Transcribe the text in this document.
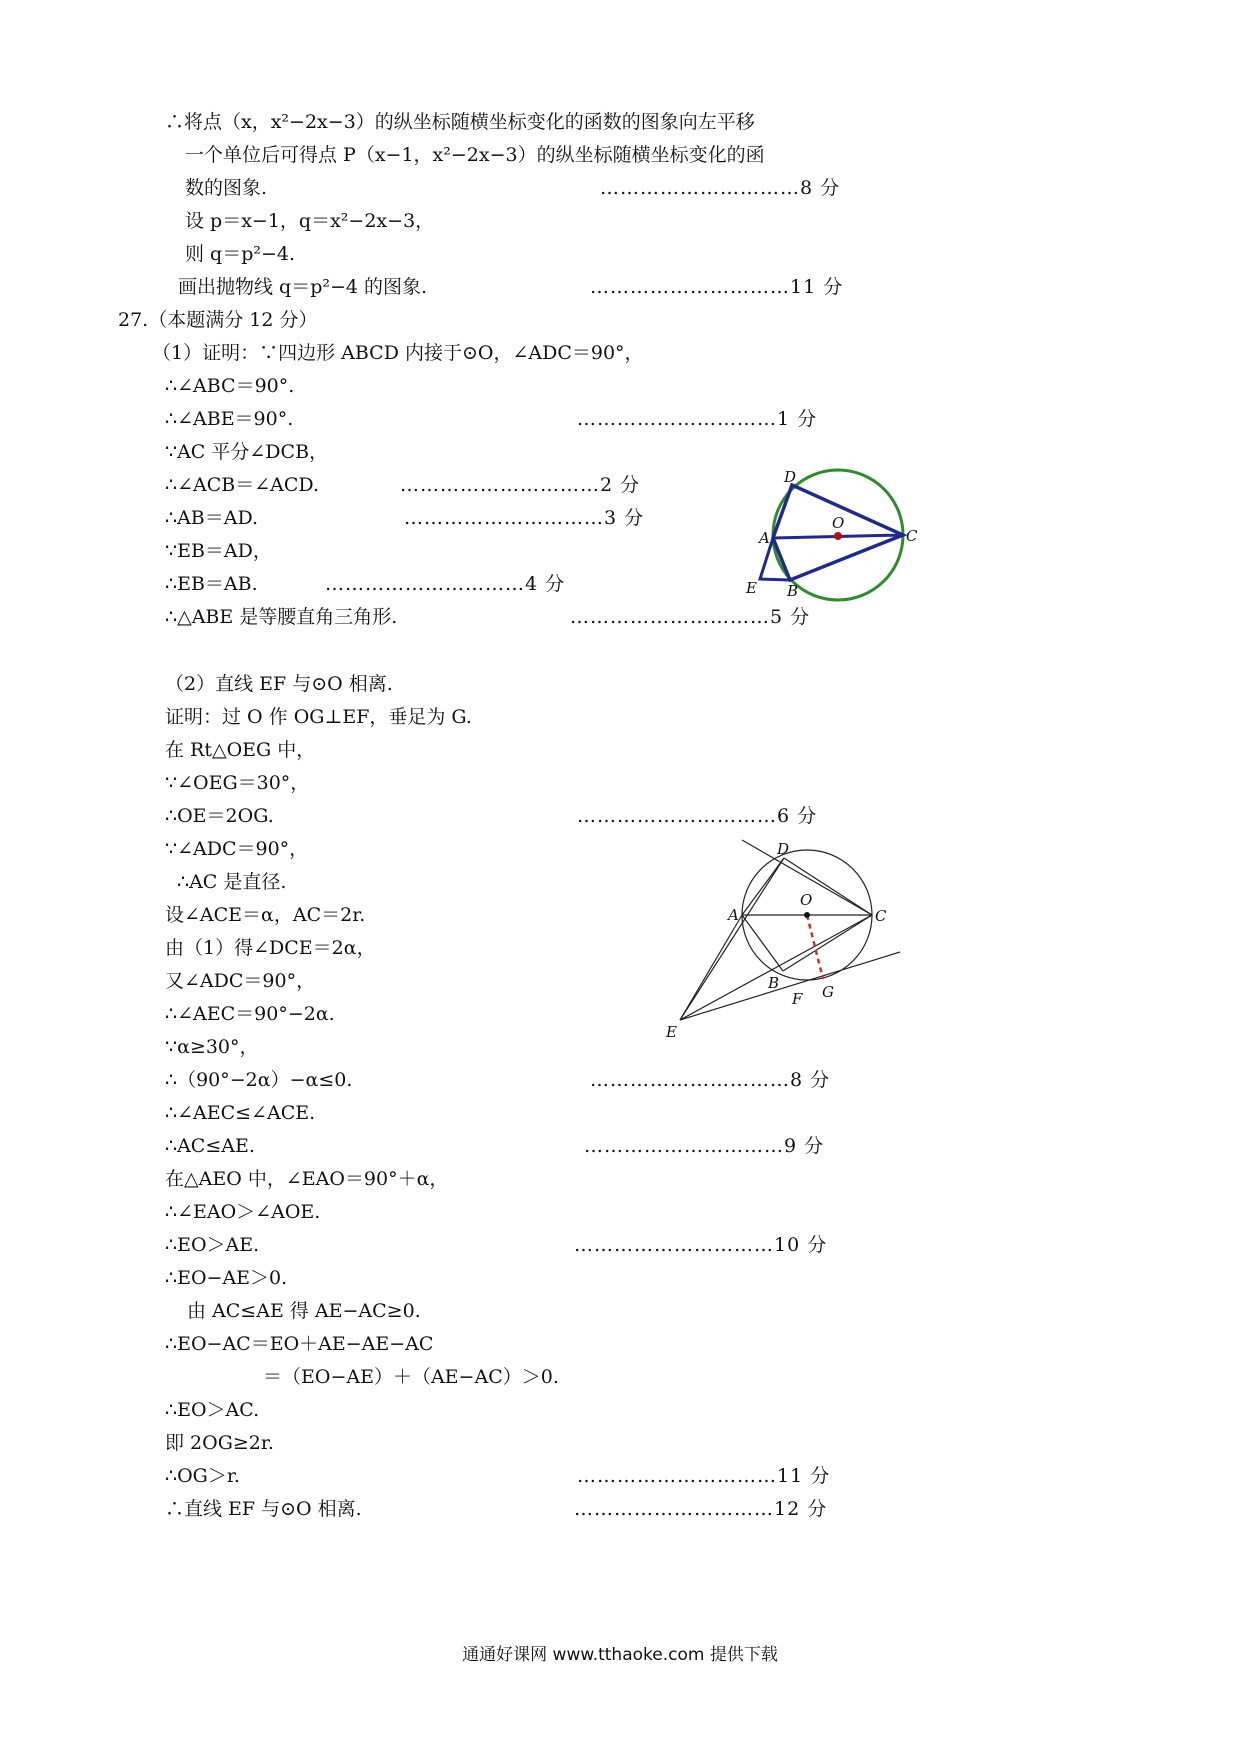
∴将点（x，x²−2x−3）的纵坐标随横坐标变化的函数的图象向左平移
一个单位后可得点 P（x−1，x²−2x−3）的纵坐标随横坐标变化的函
数的图象.	…………………………8 分
设 p＝x−1，q＝x²−2x−3，
则 q＝p²−4.
画出抛物线 q＝p²−4 的图象.	…………………………11 分
27.（本题满分 12 分）
（1）证明：∵四边形 ABCD 内接于⊙O，∠ADC＝90°，
∴∠ABC＝90°.
∴∠ABE＝90°.	…………………………1 分
∵AC 平分∠DCB，
∴∠ACB＝∠ACD.	…………………………2 分
∴AB＝AD.	…………………………3 分
∵EB＝AD，
∴EB＝AB.	…………………………4 分
∴△ABE 是等腰直角三角形.	…………………………5 分
（2）直线 EF 与⊙O 相离.
证明：过 O 作 OG⊥EF，垂足为 G.
在 Rt△OEG 中，
∵∠OEG＝30°，
∴OE＝2OG.	…………………………6 分
∵∠ADC＝90°，
∴AC 是直径.
设∠ACE＝α，AC＝2r.
由（1）得∠DCE＝2α，
又∠ADC＝90°，
∴∠AEC＝90°−2α.
∵α≥30°，
∴（90°−2α）−α≤0.	…………………………8 分
∴∠AEC≤∠ACE.
∴AC≤AE.	…………………………9 分
在△AEO 中，∠EAO＝90°＋α，
∴∠EAO＞∠AOE.
∴EO＞AE.	…………………………10 分
∴EO−AE＞0.
由 AC≤AE 得 AE−AC≥0.
∴EO−AC＝EO＋AE−AE−AC
＝（EO−AE）＋（AE−AC）＞0.
∴EO＞AC.
即 2OG≥2r.
∴OG＞r.	…………………………11 分
∴直线 EF 与⊙O 相离.	…………………………12 分
D
A
O
C
E B
D
A
O
C
B
F G
E
通通好课网 www.tthaoke.com 提供下载
